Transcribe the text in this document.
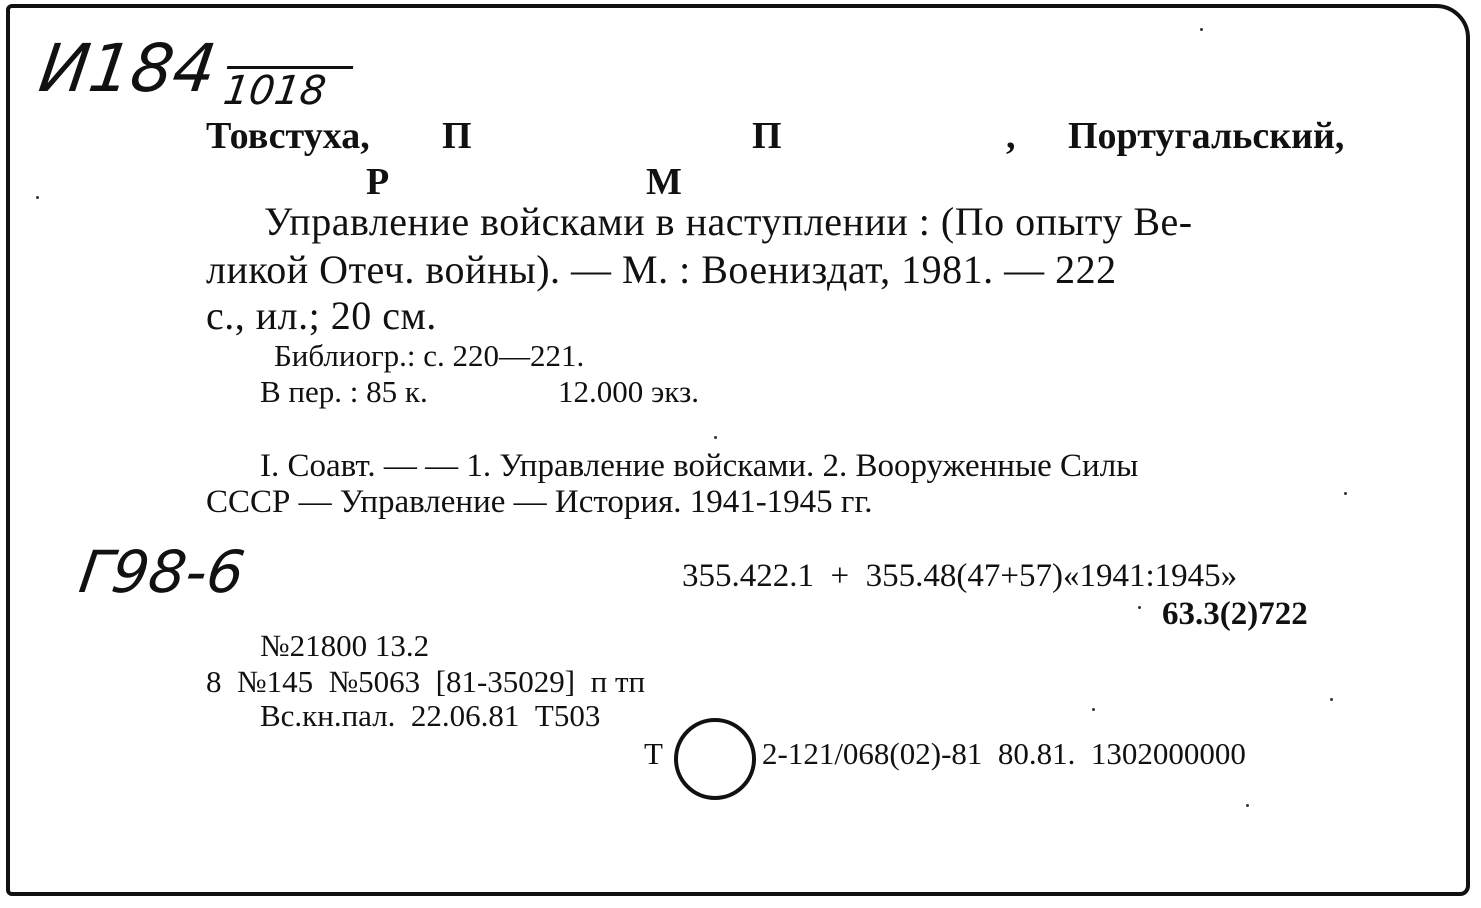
И184 1018
Товстуха, П	П	, Португальский,
Р	М
Управление войсками в наступлении : (По опыту Ве-
ликой Отеч. войны). — М. : Воениздат, 1981. — 222
с., ил.; 20 см.
Библиогр.: с. 220—221.
В пер. : 85 к.	12.000 экз.
I. Соавт. — — 1. Управление войсками. 2. Вооруженные Силы
СССР — Управление — История. 1941-1945 гг.
Г98-6	355.422.1  +  355.48(47+57)«1941:1945»
63.3(2)722
№21800 13.2
8  №145  №5063  [81-35029]  п тп
Вс.кн.пал.  22.06.81  Т503
Т	2-121/068(02)-81  80.81.  1302000000
